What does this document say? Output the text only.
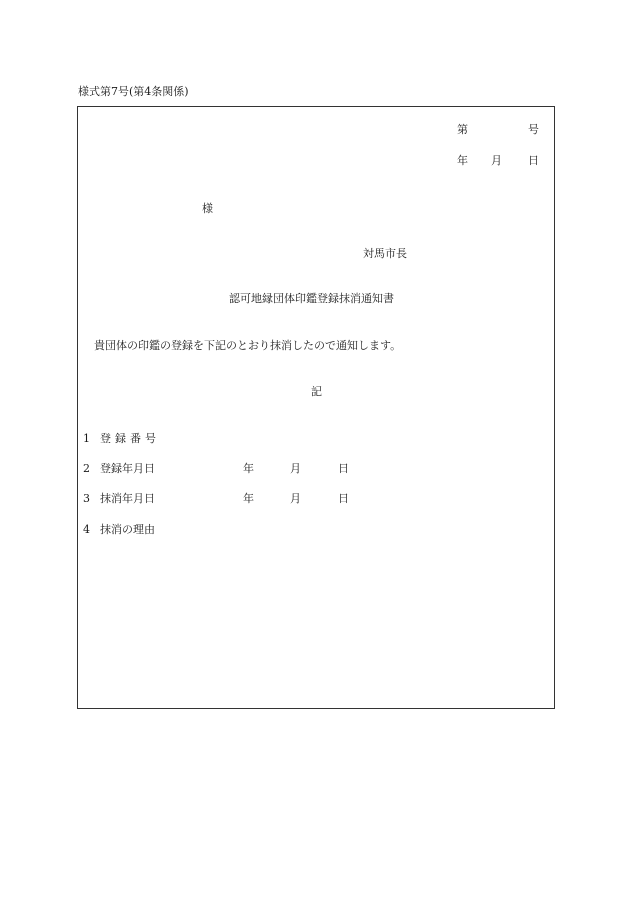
様式第7号(第4条関係)
第	号
年 月 日
様
対馬市長
認可地縁団体印鑑登録抹消通知書
貴団体の印鑑の登録を下記のとおり抹消したので通知します。
記
1 登録番号
2 登録年月日	年	月	日
3 抹消年月日	年	月	日
4 抹消の理由
